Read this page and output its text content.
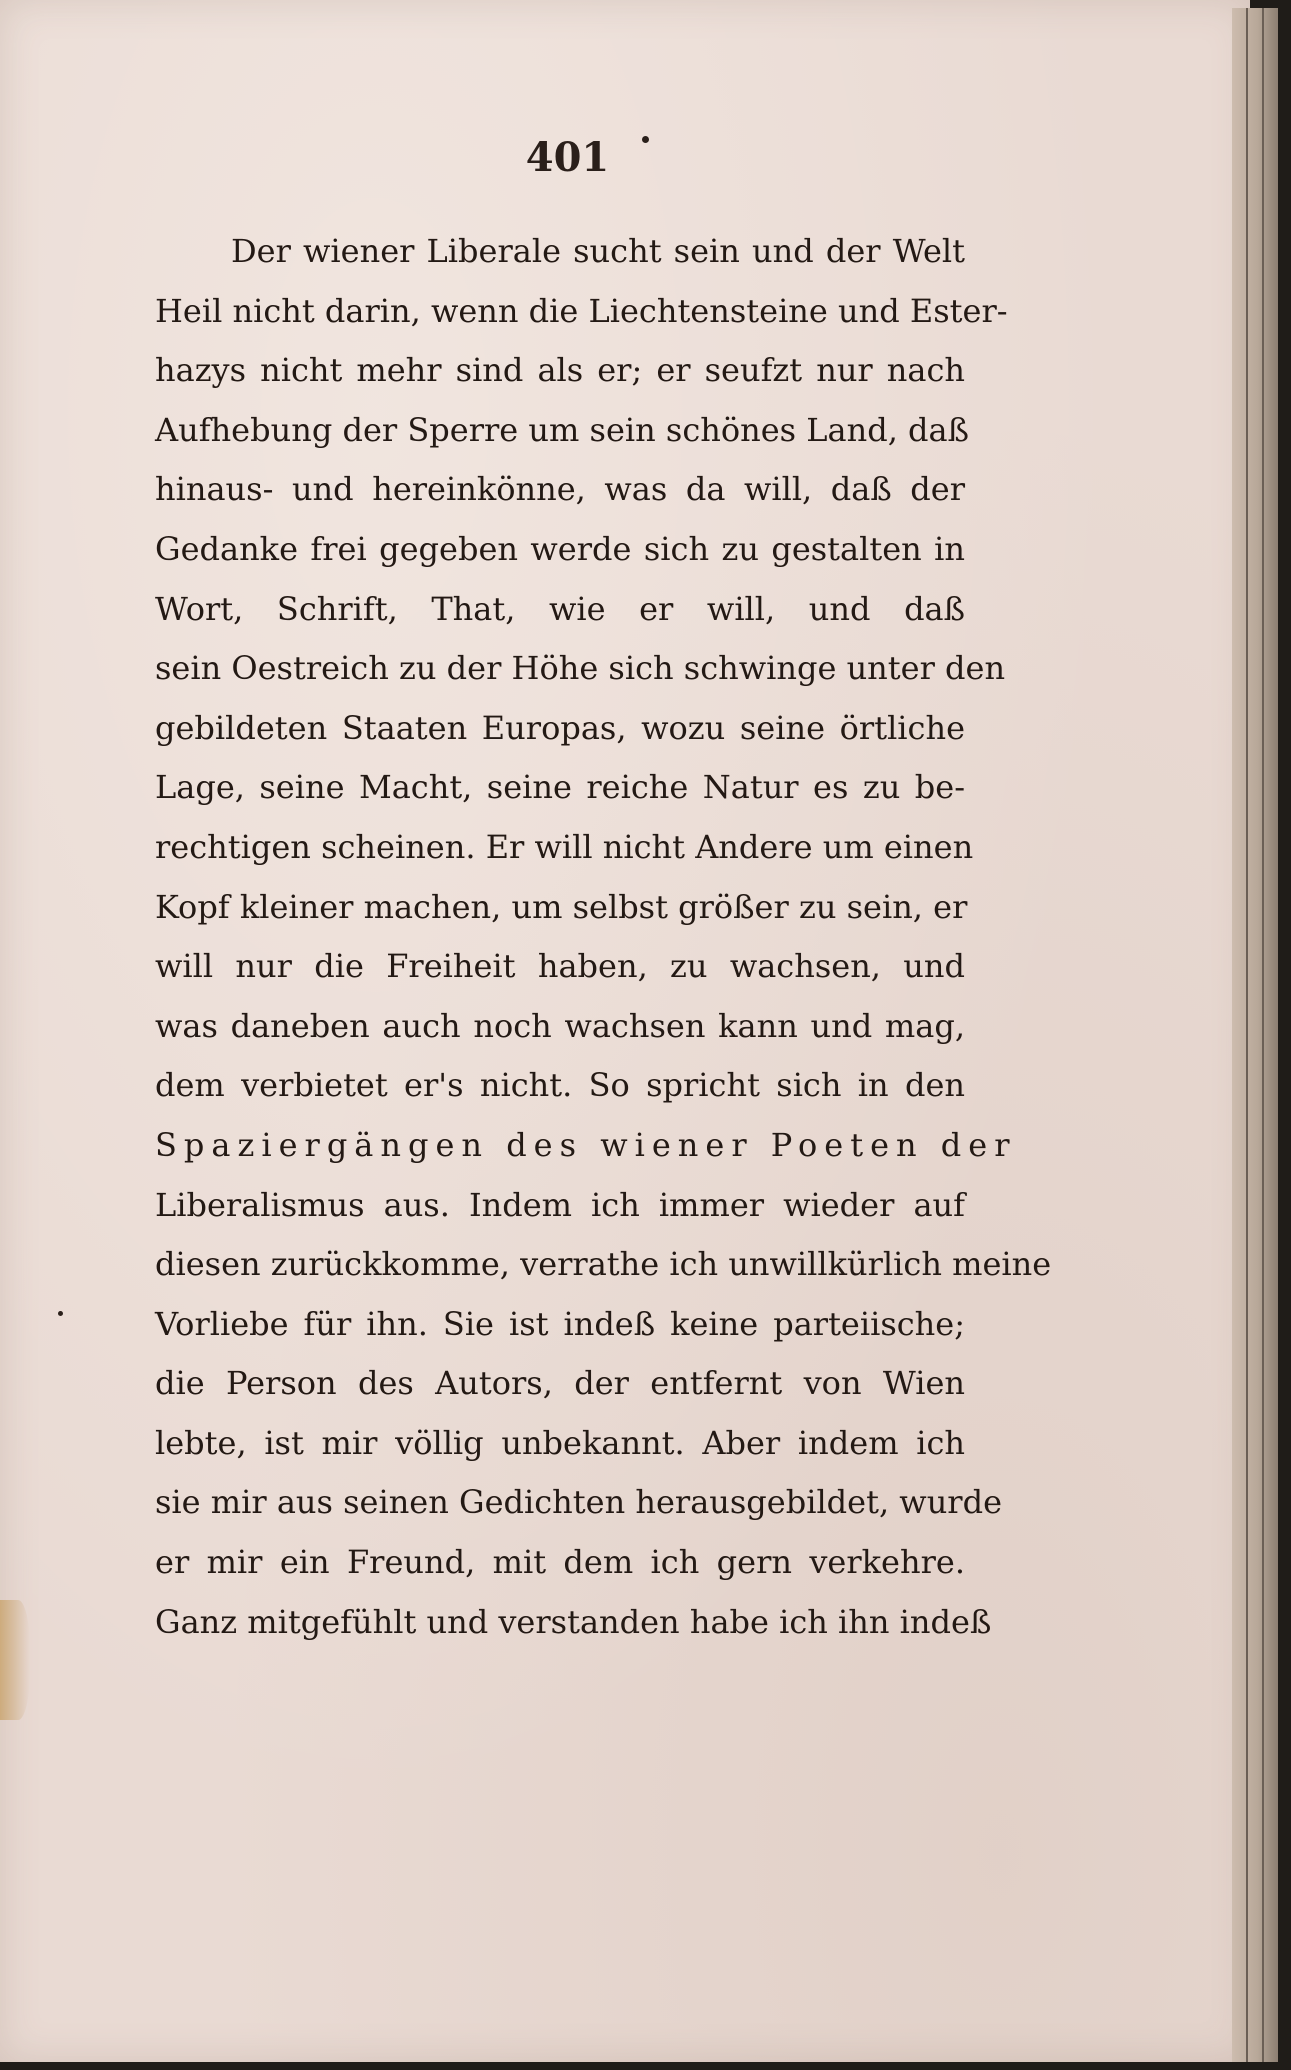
401
Der wiener Liberale sucht sein und der Welt
Heil nicht darin, wenn die Liechtensteine und Ester-
hazys nicht mehr sind als er; er seufzt nur nach
Aufhebung der Sperre um sein schönes Land, daß
hinaus- und hereinkönne, was da will, daß der
Gedanke frei gegeben werde sich zu gestalten in
Wort, Schrift, That, wie er will, und daß
sein Oestreich zu der Höhe sich schwinge unter den
gebildeten Staaten Europas, wozu seine örtliche
Lage, seine Macht, seine reiche Natur es zu be-
rechtigen scheinen. Er will nicht Andere um einen
Kopf kleiner machen, um selbst größer zu sein, er
will nur die Freiheit haben, zu wachsen, und
was daneben auch noch wachsen kann und mag,
dem verbietet er's nicht. So spricht sich in den
Spaziergängen des wiener Poeten der
Liberalismus aus. Indem ich immer wieder auf
diesen zurückkomme, verrathe ich unwillkürlich meine
Vorliebe für ihn. Sie ist indeß keine parteiische;
die Person des Autors, der entfernt von Wien
lebte, ist mir völlig unbekannt. Aber indem ich
sie mir aus seinen Gedichten herausgebildet, wurde
er mir ein Freund, mit dem ich gern verkehre.
Ganz mitgefühlt und verstanden habe ich ihn indeß
